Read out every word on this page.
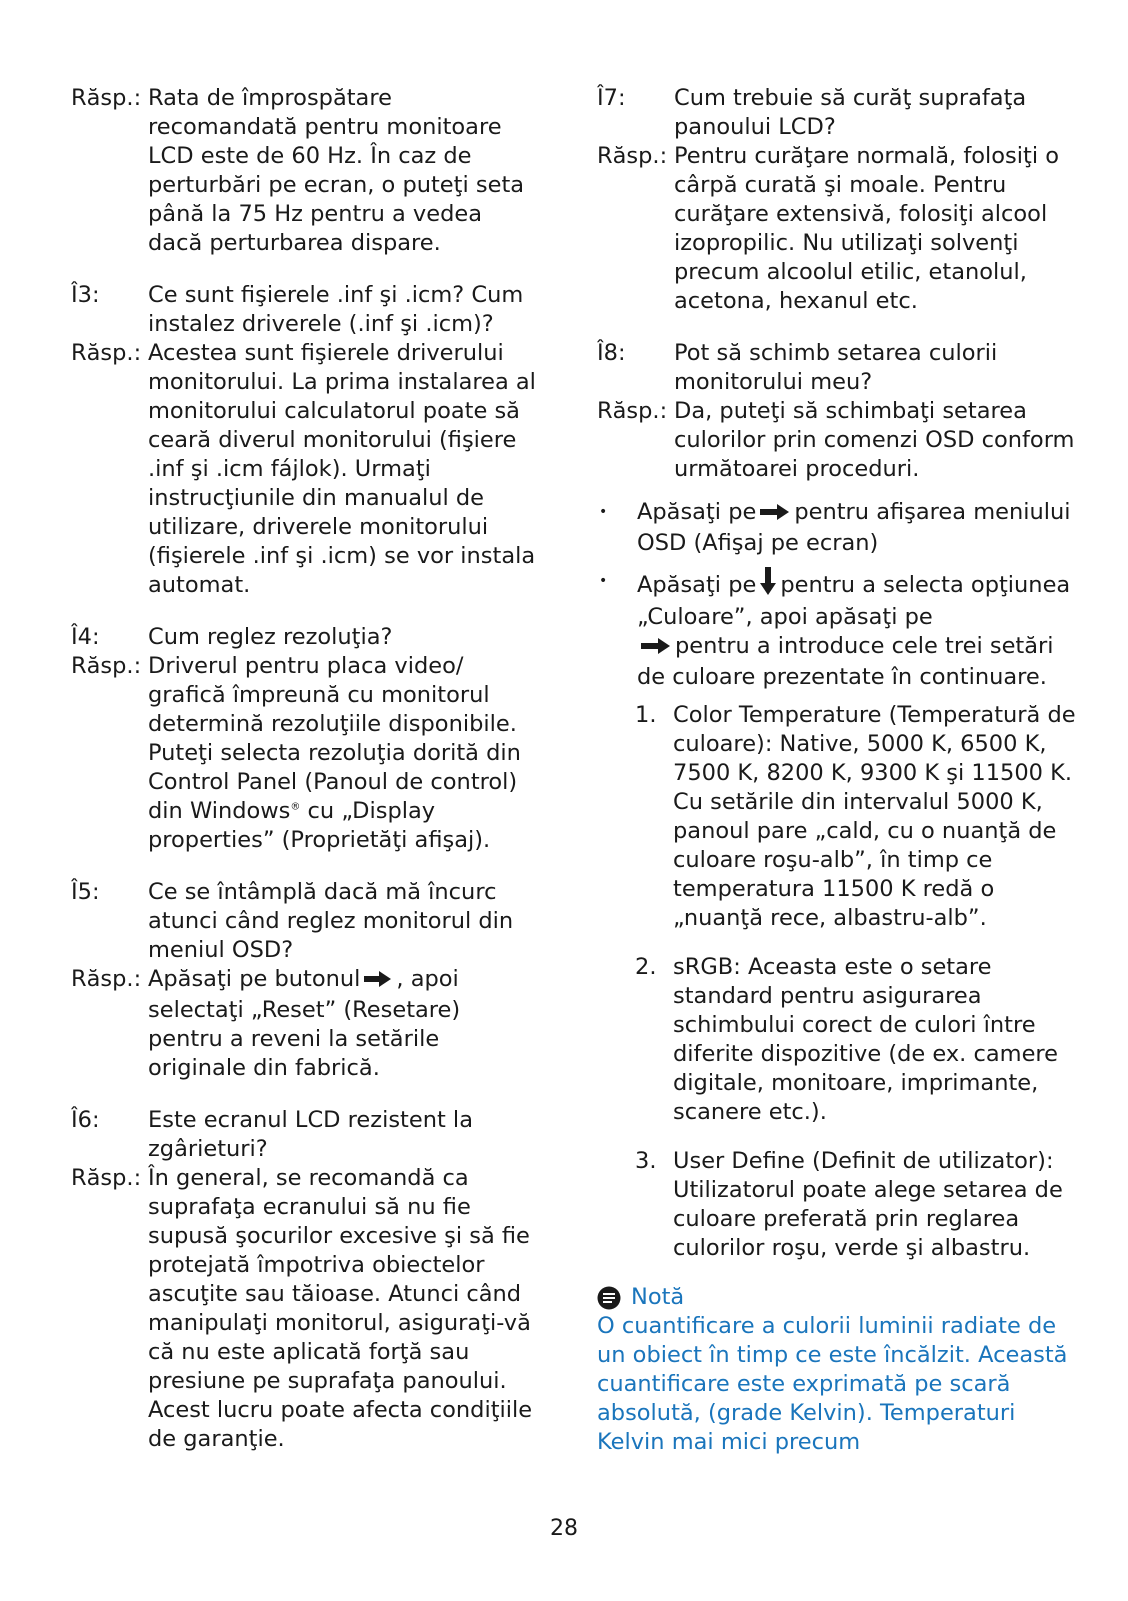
Răsp.: Rata de împrospătare recomandată pentru monitoare LCD este de 60 Hz. În caz de perturbări pe ecran, o puteţi seta până la 75 Hz pentru a vedea dacă perturbarea dispare.
Î3:	Ce sunt fişierele .inf şi .icm? Cum instalez driverele (.inf şi .icm)?
Răsp.: Acestea sunt fişierele driverului monitorului. La prima instalarea al monitorului calculatorul poate să ceară diverul monitorului (fişiere .inf şi .icm fájlok). Urmaţi instrucţiunile din manualul de utilizare, driverele monitorului (fişierele .inf şi .icm) se vor instala automat.
Î4:	Cum reglez rezoluţia?
Răsp.: Driverul pentru placa video/ grafică împreună cu monitorul determină rezoluţiile disponibile. Puteţi selecta rezoluţia dorită din Control Panel (Panoul de control) din Windows® cu „Display properties” (Proprietăţi afişaj).
Î5:	Ce se întâmplă dacă mă încurc atunci când reglez monitorul din meniul OSD?
Răsp.: Apăsaţi pe butonul , apoi selectaţi „Reset” (Resetare) pentru a reveni la setările originale din fabrică.
Î6:	Este ecranul LCD rezistent la zgârieturi?
Răsp.: În general, se recomandă ca suprafaţa ecranului să nu fie supusă şocurilor excesive şi să fie protejată împotriva obiectelor ascuţite sau tăioase. Atunci când manipulaţi monitorul, asiguraţi-vă că nu este aplicată forţă sau presiune pe suprafaţa panoului. Acest lucru poate afecta condiţiile de garanţie.
Î7:	Cum trebuie să curăţ suprafaţa panoului LCD?
Răsp.: Pentru curăţare normală, folosiţi o cârpă curată şi moale. Pentru curăţare extensivă, folosiţi alcool izopropilic. Nu utilizaţi solvenţi precum alcoolul etilic, etanolul, acetona, hexanul etc.
Î8:	Pot să schimb setarea culorii monitorului meu?
Răsp.: Da, puteţi să schimbaţi setarea culorilor prin comenzi OSD conform următoarei proceduri.
•	Apăsaţi pe pentru afişarea meniului OSD (Afişaj pe ecran)
•	Apăsaţi pe pentru a selecta opţiunea „Culoare”, apoi apăsaţi pe
pentru a introduce cele trei setări de culoare prezentate în continuare.
1. Color Temperature (Temperatură de culoare): Native, 5000 K, 6500 K, 7500 K, 8200 K, 9300 K şi 11500 K. Cu setările din intervalul 5000 K, panoul pare „cald, cu o nuanţă de culoare roşu-alb”, în timp ce temperatura 11500 K redă o „nuanţă rece, albastru-alb”.
2. sRGB: Aceasta este o setare standard pentru asigurarea schimbului corect de culori între diferite dispozitive (de ex. camere digitale, monitoare, imprimante, scanere etc.).
3. User Define (Definit de utilizator): Utilizatorul poate alege setarea de culoare preferată prin reglarea culorilor roşu, verde şi albastru.
Notă
O cuantificare a culorii luminii radiate de un obiect în timp ce este încălzit. Această cuantificare este exprimată pe scară absolută, (grade Kelvin). Temperaturi Kelvin mai mici precum
28
